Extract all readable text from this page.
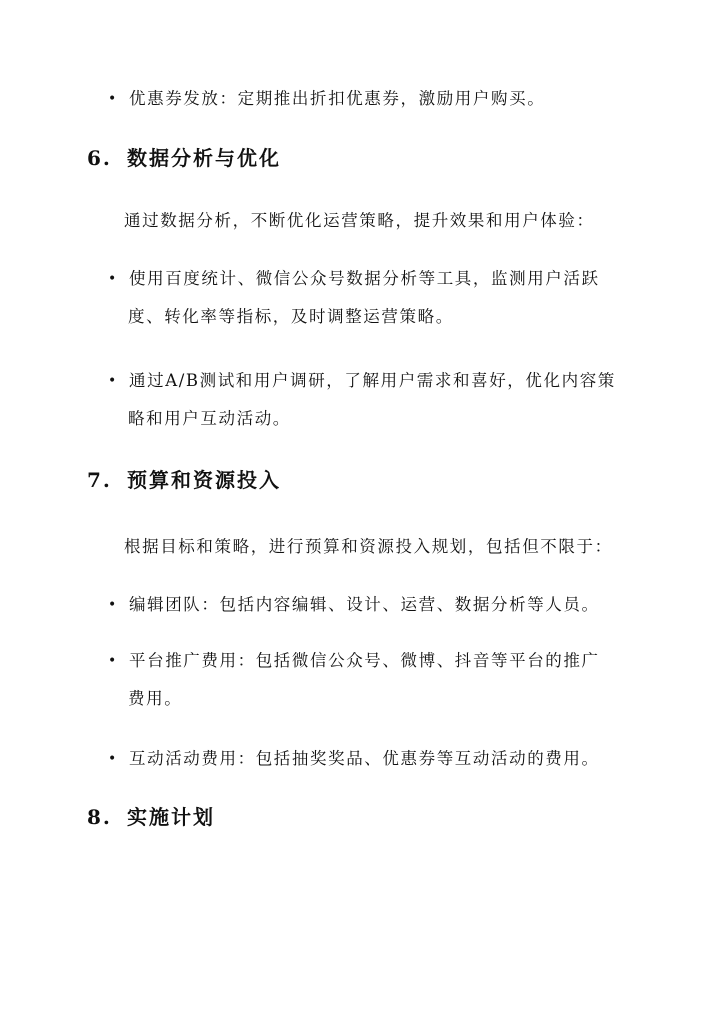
• 优惠券发放：定期推出折扣优惠券，激励用户购买。
6. 数据分析与优化
通过数据分析，不断优化运营策略，提升效果和用户体验：
• 使用百度统计、微信公众号数据分析等工具，监测用户活跃
度、转化率等指标，及时调整运营策略。
• 通过A/B测试和用户调研，了解用户需求和喜好，优化内容策
略和用户互动活动。
7. 预算和资源投入
根据目标和策略，进行预算和资源投入规划，包括但不限于：
• 编辑团队：包括内容编辑、设计、运营、数据分析等人员。
• 平台推广费用：包括微信公众号、微博、抖音等平台的推广
费用。
• 互动活动费用：包括抽奖奖品、优惠券等互动活动的费用。
8. 实施计划
